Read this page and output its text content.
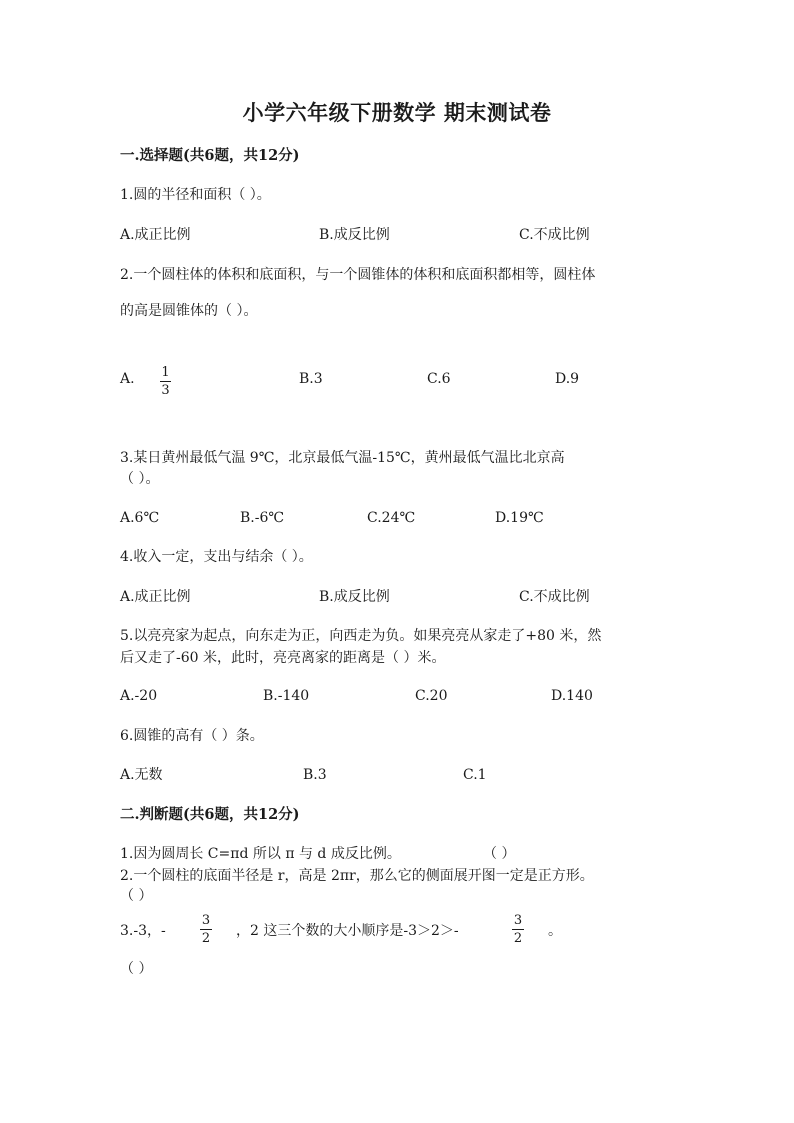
小学六年级下册数学 期末测试卷
一.选择题(共6题，共12分)
1.圆的半径和面积（ ）。
A.成正比例	B.成反比例	C.不成比例
2.一个圆柱体的体积和底面积，与一个圆锥体的体积和底面积都相等，圆柱体
的高是圆锥体的（ ）。
A. 1
3
B.3	C.6	D.9
3.某日黄州最低气温 9℃，北京最低气温-15℃，黄州最低气温比北京高
（ ）。
A.6℃	B.-6℃	C.24℃	D.19℃
4.收入一定，支出与结余（ ）。
A.成正比例	B.成反比例	C.不成比例
5.以亮亮家为起点，向东走为正，向西走为负。如果亮亮从家走了+80 米，然
后又走了-60 米，此时，亮亮离家的距离是（ ）米。
A.-20	B.-140	C.20	D.140
6.圆锥的高有（ ）条。
A.无数	B.3	C.1
二.判断题(共6题，共12分)
1.因为圆周长 C=πd 所以 π 与 d 成反比例。	（ ）
2.一个圆柱的底面半径是 r，高是 2πr，那么它的侧面展开图一定是正方形。
（ ）
3.-3，-
3
2 ，2 这三个数的大小顺序是-3＞2＞-
3
2 。
（ ）
